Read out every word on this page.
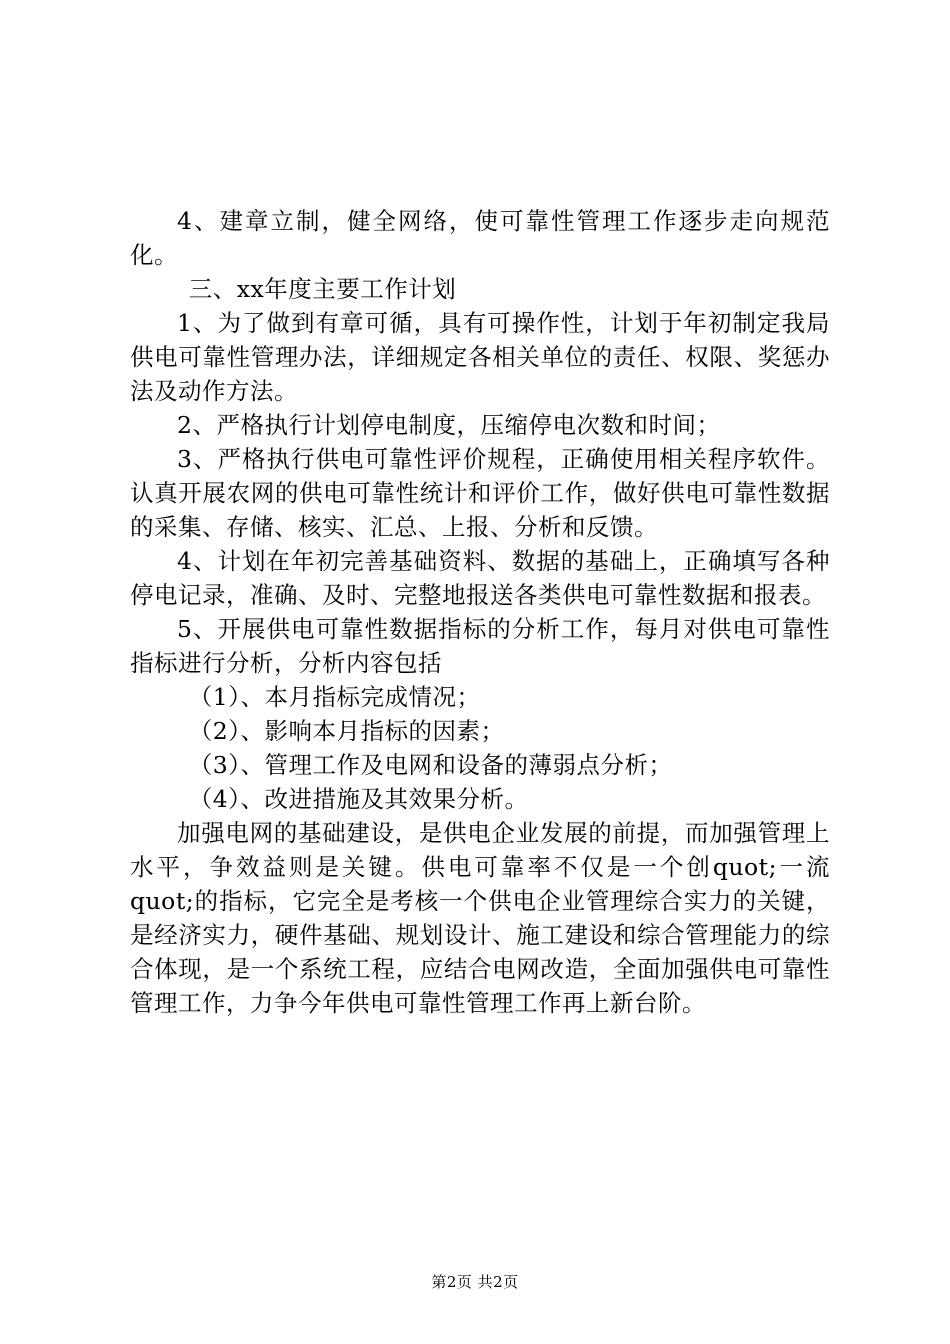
4、建章立制，健全网络，使可靠性管理工作逐步走向规范化。

三、xx年度主要工作计划

1、为了做到有章可循，具有可操作性，计划于年初制定我局供电可靠性管理办法，详细规定各相关单位的责任、权限、奖惩办法及动作方法。

2、严格执行计划停电制度，压缩停电次数和时间；

3、严格执行供电可靠性评价规程，正确使用相关程序软件。认真开展农网的供电可靠性统计和评价工作，做好供电可靠性数据的采集、存储、核实、汇总、上报、分析和反馈。

4、计划在年初完善基础资料、数据的基础上，正确填写各种停电记录，准确、及时、完整地报送各类供电可靠性数据和报表。

5、开展供电可靠性数据指标的分析工作，每月对供电可靠性指标进行分析，分析内容包括

（1）、本月指标完成情况；

（2）、影响本月指标的因素；

（3）、管理工作及电网和设备的薄弱点分析；

（4）、改进措施及其效果分析。

加强电网的基础建设，是供电企业发展的前提，而加强管理上水平，争效益则是关键。供电可靠率不仅是一个创quot;一流quot;的指标，它完全是考核一个供电企业管理综合实力的关键，是经济实力，硬件基础、规划设计、施工建设和综合管理能力的综合体现，是一个系统工程，应结合电网改造，全面加强供电可靠性管理工作，力争今年供电可靠性管理工作再上新台阶。

第2页 共2页
